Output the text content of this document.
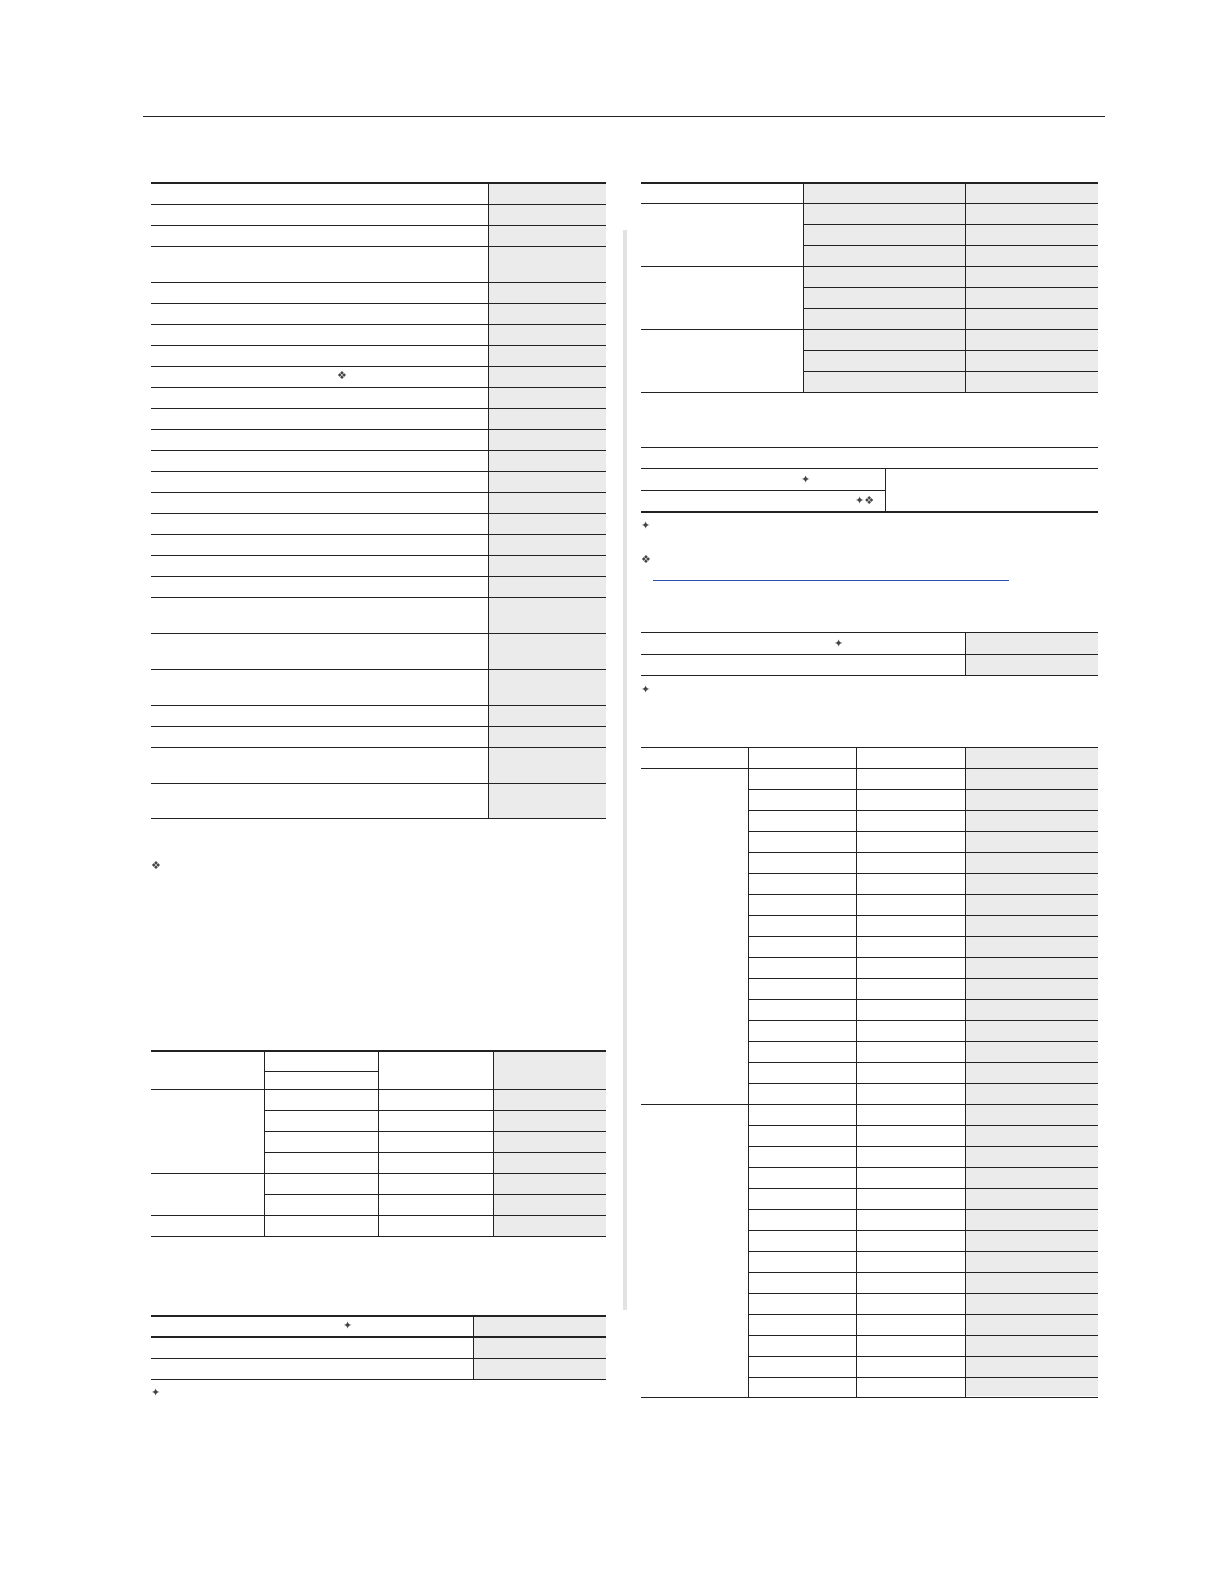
❖
❖
✦
✦
✦
✦❖
✦
❖
✦
✦
